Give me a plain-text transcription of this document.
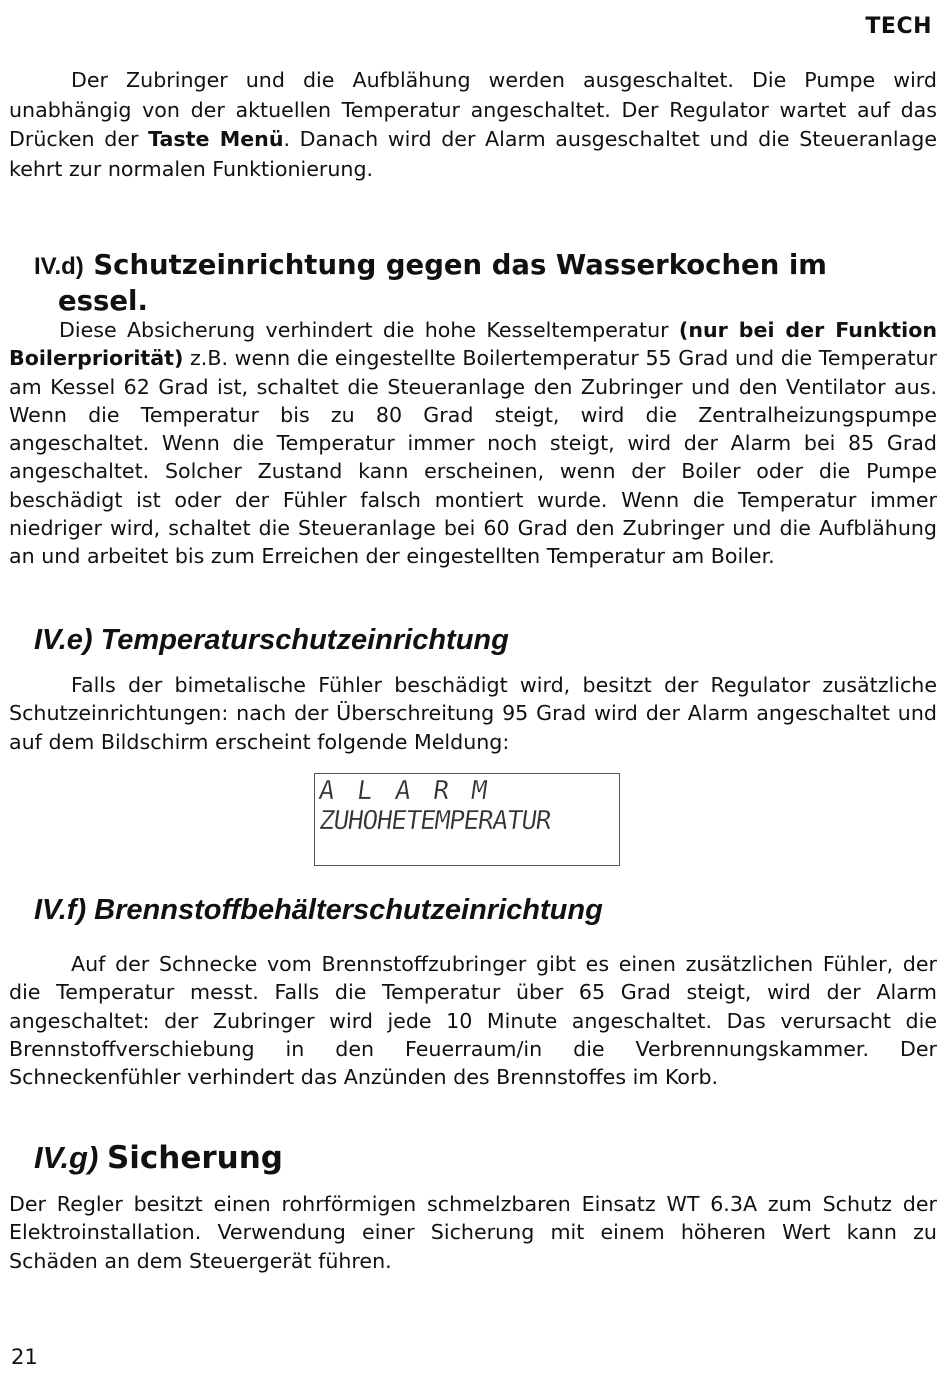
TECH

Der Zubringer und die Aufblähung werden ausgeschaltet. Die Pumpe wird unabhängig von der aktuellen Temperatur angeschaltet. Der Regulator wartet auf das Drücken der Taste Menü. Danach wird der Alarm ausgeschaltet und die Steueranlage kehrt zur normalen Funktionierung.

IV.d) Schutzeinrichtung gegen das Wasserkochen im
essel.

Diese Absicherung verhindert die hohe Kesseltemperatur (nur bei der Funktion Boilerpriorität) z.B. wenn die eingestellte Boilertemperatur 55 Grad und die Temperatur am Kessel 62 Grad ist, schaltet die Steueranlage den Zubringer und den Ventilator aus. Wenn die Temperatur bis zu 80 Grad steigt, wird die Zentralheizungspumpe angeschaltet. Wenn die Temperatur immer noch steigt, wird der Alarm bei 85 Grad angeschaltet. Solcher Zustand kann erscheinen, wenn der Boiler oder die Pumpe beschädigt ist oder der Fühler falsch montiert wurde. Wenn die Temperatur immer niedriger wird, schaltet die Steueranlage bei 60 Grad den Zubringer und die Aufblähung an und arbeitet bis zum Erreichen der eingestellten Temperatur am Boiler.

IV.e) Temperaturschutzeinrichtung

Falls der bimetalische Fühler beschädigt wird, besitzt der Regulator zusätzliche Schutzeinrichtungen: nach der Überschreitung 95 Grad wird der Alarm angeschaltet und auf dem Bildschirm erscheint folgende Meldung:

A L A R M
ZUHOHETEMPERATUR
IV.f) Brennstoffbehälterschutzeinrichtung

Auf der Schnecke vom Brennstoffzubringer gibt es einen zusätzlichen Fühler, der die Temperatur messt. Falls die Temperatur über 65 Grad steigt, wird der Alarm angeschaltet: der Zubringer wird jede 10 Minute angeschaltet. Das verursacht die Brennstoffverschiebung in den Feuerraum/in die Verbrennungskammer. Der Schneckenfühler verhindert das Anzünden des Brennstoffes im Korb.

IV.g) Sicherung

Der Regler besitzt einen rohrförmigen schmelzbaren Einsatz WT 6.3A zum Schutz der Elektroinstallation. Verwendung einer Sicherung mit einem höheren Wert kann zu Schäden an dem Steuergerät führen.

21
